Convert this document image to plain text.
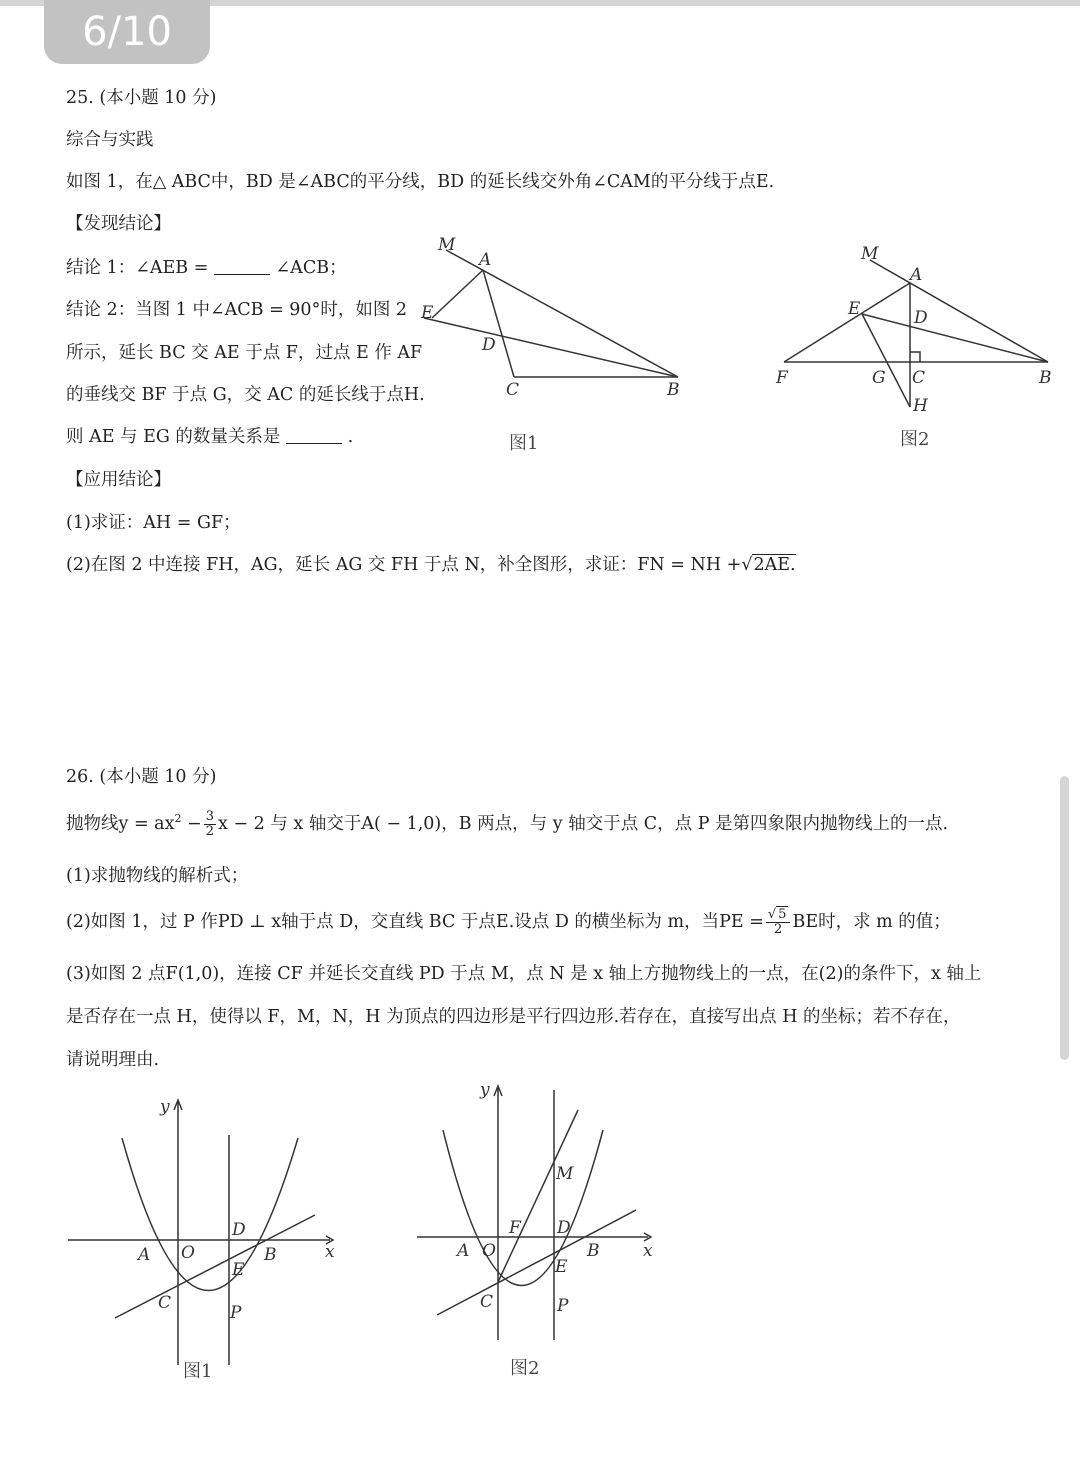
6/10
25. (本小题 10 分)
综合与实践
如图 1，在△ ABC中，BD 是∠ABC的平分线，BD 的延长线交外角∠CAM的平分线于点E.
【发现结论】
结论 1：∠AEB =	∠ACB；
结论 2：当图 1 中∠ACB = 90°时，如图 2
所示，延长 BC 交 AE 于点 F，过点 E 作 AF
的垂线交 BF 于点 G，交 AC 的延长线于点H.
则 AE 与 EG 的数量关系是	.
【应用结论】
(1)求证：AH = GF；
(2)在图 2 中连接 FH，AG，延长 AG 交 FH 于点 N，补全图形，求证：FN = NH +√2AE.
M
A
E
D
C	B
图1
M
A
E	D
F	G C	B
H
图2
26. (本小题 10 分)
抛物线$y = ax^2 - \frac{3}{2}$ x − 2 与 x 轴交于A( − 1,0)，B 两点，与 y 轴交于点 C，点 P 是第四象限内抛物线上的一点.
(1)求抛物线的解析式；
(2)如图 1，过 P 作PD ⊥ x轴于点 D，交直线 BC 于点E.设点 D 的横坐标为 m，当PE = $\frac{√ 5}{2}$ BE时，求 m 的值；
(3)如图 2 点F(1,0)，连接 CF 并延长交直线 PD 于点 M，点 N 是 x 轴上方抛物线上的一点，在(2)的条件下，x 轴上
是否存在一点 H，使得以 F，M，N，H 为顶点的四边形是平行四边形.若存在，直接写出点 H 的坐标；若不存在，
请说明理由.
y
x
A O
D
B
E
C	P
图1
y
x
A O
F D
B
M
E
C	P
图2
